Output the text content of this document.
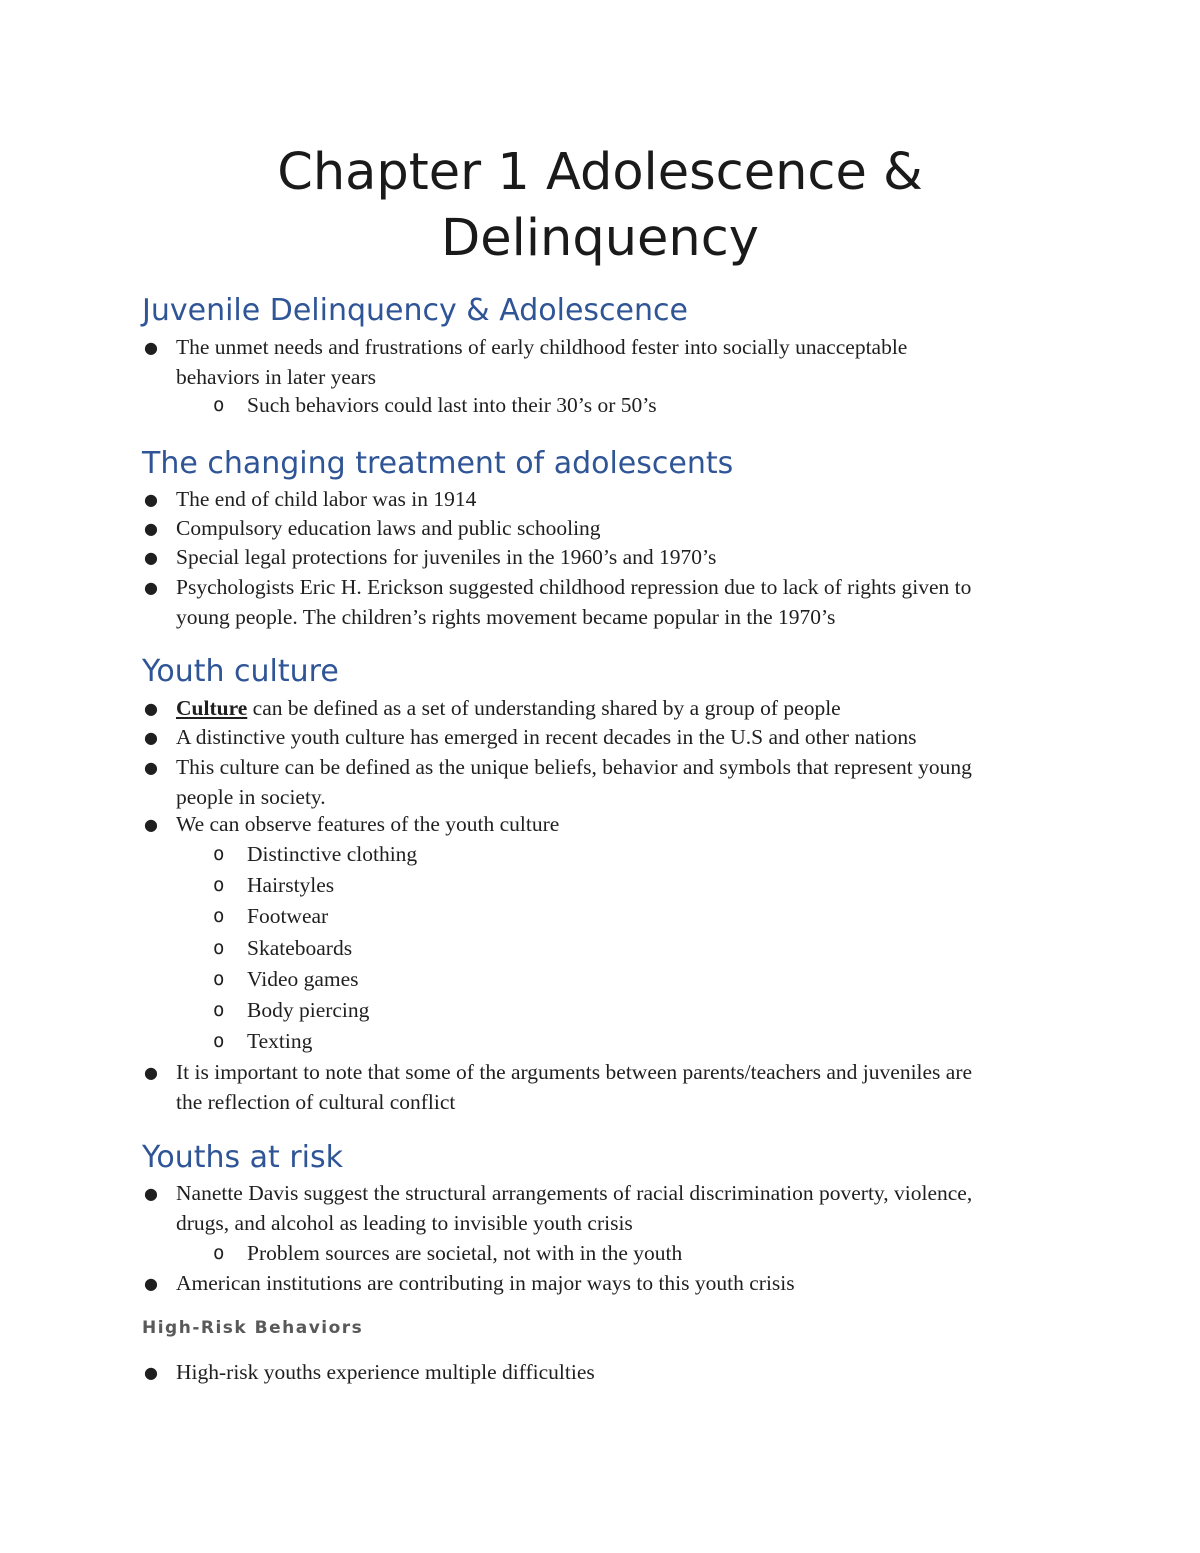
Chapter 1 Adolescence &
Delinquency
Juvenile Delinquency & Adolescence
● The unmet needs and frustrations of early childhood fester into socially unacceptable
behaviors in later years
o Such behaviors could last into their 30’s or 50’s
The changing treatment of adolescents
● The end of child labor was in 1914
● Compulsory education laws and public schooling
● Special legal protections for juveniles in the 1960’s and 1970’s
● Psychologists Eric H. Erickson suggested childhood repression due to lack of rights given to
young people. The children’s rights movement became popular in the 1970’s
Youth culture
● Culture can be defined as a set of understanding shared by a group of people
● A distinctive youth culture has emerged in recent decades in the U.S and other nations
● This culture can be defined as the unique beliefs, behavior and symbols that represent young
people in society.
● We can observe features of the youth culture
o Distinctive clothing
o Hairstyles
o Footwear
o Skateboards
o Video games
o Body piercing
o Texting
● It is important to note that some of the arguments between parents/teachers and juveniles are
the reflection of cultural conflict
Youths at risk
● Nanette Davis suggest the structural arrangements of racial discrimination poverty, violence,
drugs, and alcohol as leading to invisible youth crisis
o Problem sources are societal, not with in the youth
● American institutions are contributing in major ways to this youth crisis
High-Risk Behaviors
● High-risk youths experience multiple difficulties
